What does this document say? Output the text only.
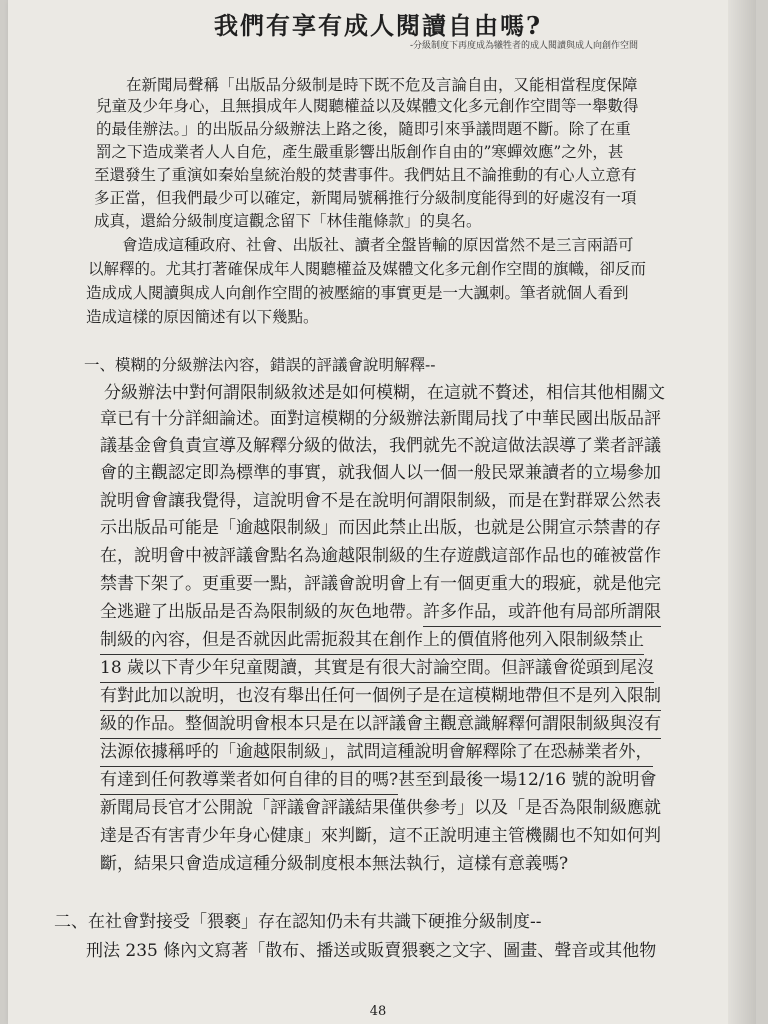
我們有享有成人閱讀自由嗎?

-分級制度下再度成為犧牲者的成人閱讀與成人向創作空間

在新聞局聲稱「出版品分級制是時下既不危及言論自由，又能相當程度保障

兒童及少年身心，且無損成年人閱聽權益以及媒體文化多元創作空間等一舉數得

的最佳辦法。」的出版品分級辦法上路之後，隨即引來爭議問題不斷。除了在重

罰之下造成業者人人自危，產生嚴重影響出版創作自由的”寒蟬效應”之外，甚

至還發生了重演如秦始皇統治般的焚書事件。我們姑且不論推動的有心人立意有

多正當，但我們最少可以確定，新聞局號稱推行分級制度能得到的好處沒有一項

成真，還給分級制度這觀念留下「林佳龍條款」的臭名。

會造成這種政府、社會、出版社、讀者全盤皆輸的原因當然不是三言兩語可

以解釋的。尤其打著確保成年人閱聽權益及媒體文化多元創作空間的旗幟，卻反而

造成成人閱讀與成人向創作空間的被壓縮的事實更是一大諷刺。筆者就個人看到

造成這樣的原因簡述有以下幾點。

一、模糊的分級辦法內容，錯誤的評議會說明解釋--

分級辦法中對何謂限制級敘述是如何模糊，在這就不贅述，相信其他相關文

章已有十分詳細論述。面對這模糊的分級辦法新聞局找了中華民國出版品評

議基金會負責宣導及解釋分級的做法，我們就先不說這做法誤導了業者評議

會的主觀認定即為標準的事實，就我個人以一個一般民眾兼讀者的立場參加

說明會會讓我覺得，這說明會不是在說明何謂限制級，而是在對群眾公然表

示出版品可能是「逾越限制級」而因此禁止出版，也就是公開宣示禁書的存

在，說明會中被評議會點名為逾越限制級的生存遊戲這部作品也的確被當作

禁書下架了。更重要一點，評議會說明會上有一個更重大的瑕疵，就是他完

全逃避了出版品是否為限制級的灰色地帶。許多作品，或許他有局部所謂限

制級的內容，但是否就因此需扼殺其在創作上的價值將他列入限制級禁止

18 歲以下青少年兒童閱讀，其實是有很大討論空間。但評議會從頭到尾沒

有對此加以說明，也沒有舉出任何一個例子是在這模糊地帶但不是列入限制

級的作品。整個說明會根本只是在以評議會主觀意識解釋何謂限制級與沒有

法源依據稱呼的「逾越限制級」，試問這種說明會解釋除了在恐赫業者外，

有達到任何教導業者如何自律的目的嗎?甚至到最後一場12/16 號的說明會

新聞局長官才公開說「評議會評議結果僅供參考」以及「是否為限制級應就

達是否有害青少年身心健康」來判斷，這不正說明連主管機關也不知如何判

斷，結果只會造成這種分級制度根本無法執行，這樣有意義嗎?

二、在社會對接受「猥褻」存在認知仍未有共識下硬推分級制度--

刑法 235 條內文寫著「散布、播送或販賣猥褻之文字、圖畫、聲音或其他物

48
